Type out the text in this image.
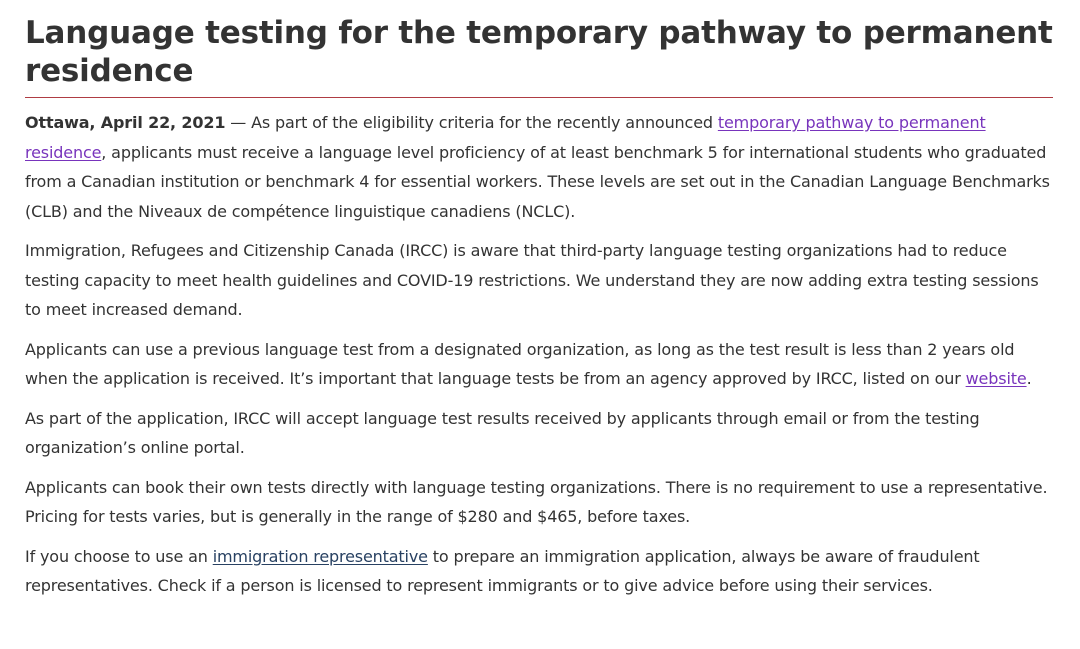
Language testing for the temporary pathway to permanent residence

Ottawa, April 22, 2021 — As part of the eligibility criteria for the recently announced temporary pathway to permanent residence, applicants must receive a language level proficiency of at least benchmark 5 for international students who graduated from a Canadian institution or benchmark 4 for essential workers. These levels are set out in the Canadian Language Benchmarks (CLB) and the Niveaux de compétence linguistique canadiens (NCLC).

Immigration, Refugees and Citizenship Canada (IRCC) is aware that third-party language testing organizations had to reduce testing capacity to meet health guidelines and COVID-19 restrictions. We understand they are now adding extra testing sessions to meet increased demand.

Applicants can use a previous language test from a designated organization, as long as the test result is less than 2 years old when the application is received. It’s important that language tests be from an agency approved by IRCC, listed on our website.

As part of the application, IRCC will accept language test results received by applicants through email or from the testing organization’s online portal.

Applicants can book their own tests directly with language testing organizations. There is no requirement to use a representative. Pricing for tests varies, but is generally in the range of $280 and $465, before taxes.

If you choose to use an immigration representative to prepare an immigration application, always be aware of fraudulent representatives. Check if a person is licensed to represent immigrants or to give advice before using their services.
